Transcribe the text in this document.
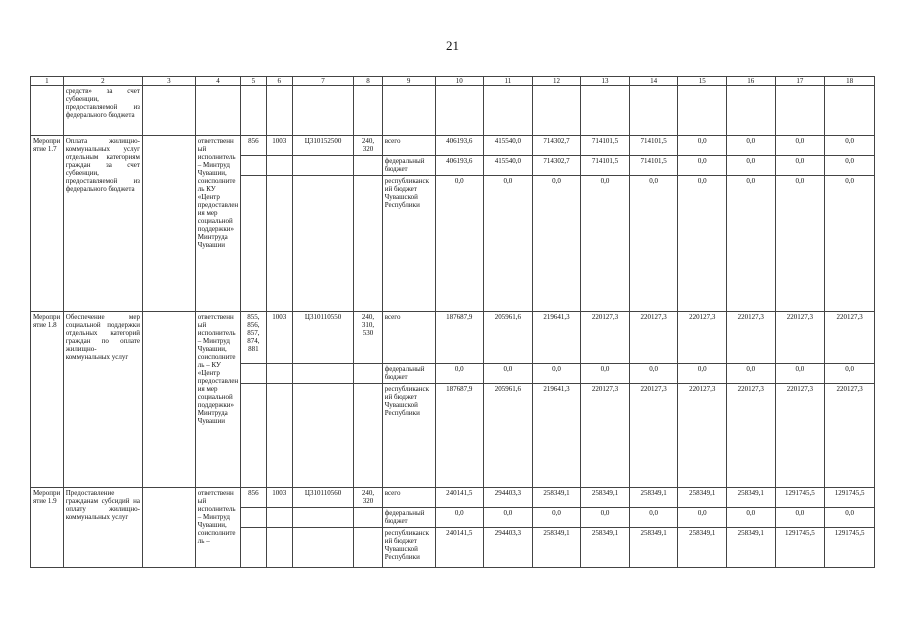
21
1	2	3	4	5	6	7	8	9	10	11	12	13	14	15	16	17	18
	средств» за счет субвенции, предоставляемой из федерального бюджета																
Мероприятие 1.7	Оплата жилищно-коммунальных услуг отдельным категориям граждан за счет субвенции, предоставляемой из федерального бюджета		ответственный исполнитель – Минтруд Чувашии, соисполнитель КУ «Центр предоставления мер социальной поддержки» Минтруда Чувашии	856	1003	Ц310152500	240, 320	всего	406193,6	415540,0	714302,7	714101,5	714101,5	0,0	0,0	0,0	0,0
								федеральный бюджет	406193,6	415540,0	714302,7	714101,5	714101,5	0,0	0,0	0,0	0,0
								республиканский бюджет Чувашской Республики	0,0	0,0	0,0	0,0	0,0	0,0	0,0	0,0	0,0
Мероприятие 1.8	Обеспечение мер социальной поддержки отдельных категорий граждан по оплате жилищно-коммунальных услуг		ответственный исполнитель – Минтруд Чувашии, соисполнитель – КУ «Центр предоставления мер социальной поддержки» Минтруда Чувашии	855, 856, 857, 874, 881	1003	Ц310110550	240, 310, 530	всего	187687,9	205961,6	219641,3	220127,3	220127,3	220127,3	220127,3	220127,3	220127,3
								федеральный бюджет	0,0	0,0	0,0	0,0	0,0	0,0	0,0	0,0	0,0
								республиканский бюджет Чувашской Республики	187687,9	205961,6	219641,3	220127,3	220127,3	220127,3	220127,3	220127,3	220127,3
Мероприятие 1.9	Предоставление гражданам субсидий на оплату жилищно-коммунальных услуг		ответственный исполнитель – Минтруд Чувашии, соисполнитель –	856	1003	Ц310110560	240, 320	всего	240141,5	294403,3	258349,1	258349,1	258349,1	258349,1	258349,1	1291745,5	1291745,5
								федеральный бюджет	0,0	0,0	0,0	0,0	0,0	0,0	0,0	0,0	0,0
								республиканский бюджет Чувашской Республики	240141,5	294403,3	258349,1	258349,1	258349,1	258349,1	258349,1	1291745,5	1291745,5
